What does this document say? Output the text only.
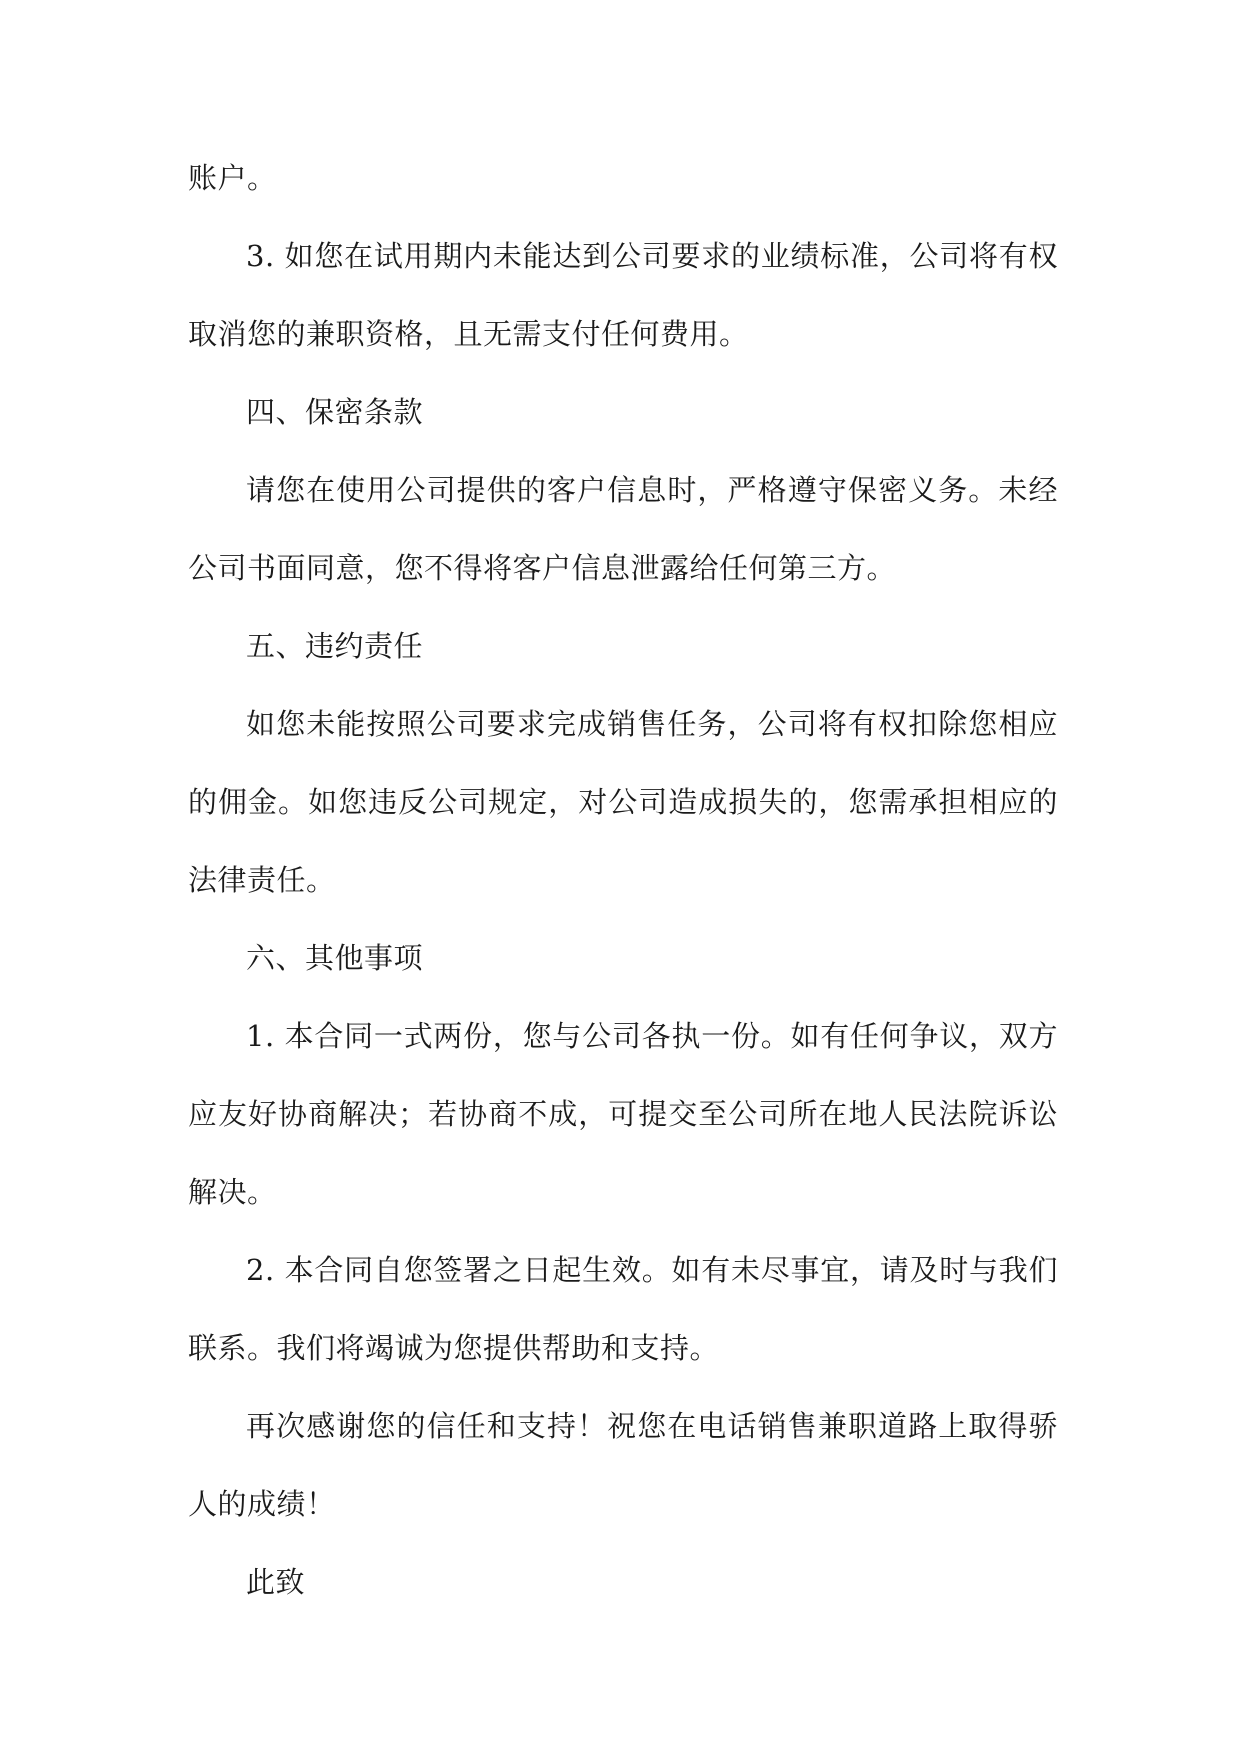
账户。

3. 如您在试用期内未能达到公司要求的业绩标准，公司将有权取消您的兼职资格，且无需支付任何费用。

四、保密条款

请您在使用公司提供的客户信息时，严格遵守保密义务。未经公司书面同意，您不得将客户信息泄露给任何第三方。

五、违约责任

如您未能按照公司要求完成销售任务，公司将有权扣除您相应的佣金。如您违反公司规定，对公司造成损失的，您需承担相应的法律责任。

六、其他事项

1. 本合同一式两份，您与公司各执一份。如有任何争议，双方应友好协商解决；若协商不成，可提交至公司所在地人民法院诉讼解决。

2. 本合同自您签署之日起生效。如有未尽事宜，请及时与我们联系。我们将竭诚为您提供帮助和支持。

再次感谢您的信任和支持！祝您在电话销售兼职道路上取得骄人的成绩！

此致
